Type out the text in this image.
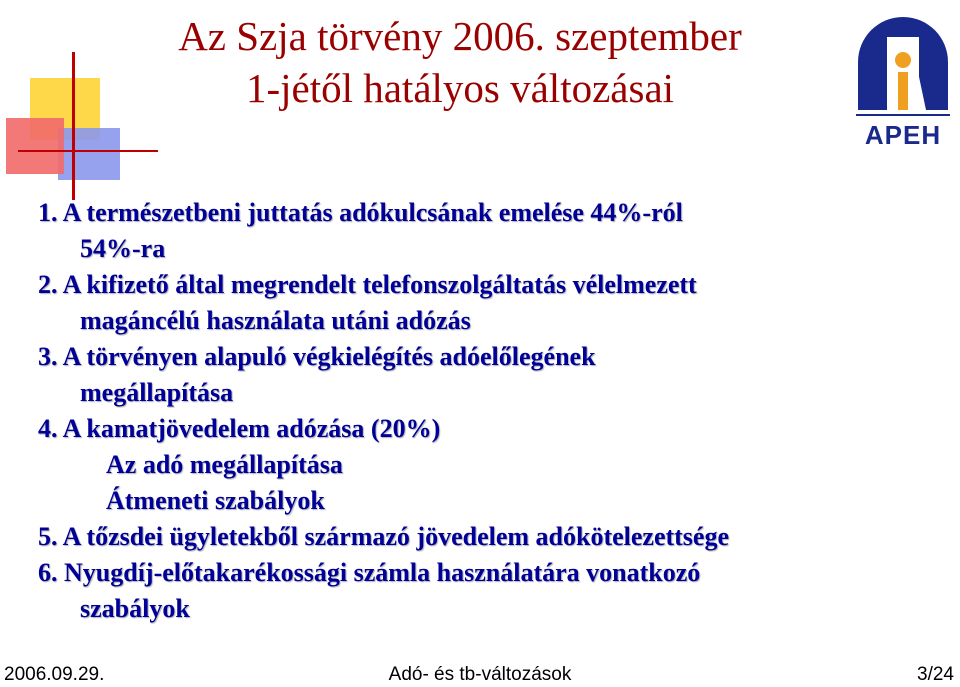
Az Szja törvény 2006. szeptember
1-jétől hatályos változásai
APEH
1. A természetbeni juttatás adókulcsának emelése 44%-ról
54%-ra
2. A kifizető által megrendelt telefonszolgáltatás vélelmezett
magáncélú használata utáni adózás
3. A törvényen alapuló végkielégítés adóelőlegének
megállapítása
4. A kamatjövedelem adózása (20%)
Az adó megállapítása
Átmeneti szabályok
5. A tőzsdei ügyletekből származó jövedelem adókötelezettsége
6. Nyugdíj-előtakarékossági számla használatára vonatkozó
szabályok
2006.09.29.	Adó- és tb-változások	3/24
